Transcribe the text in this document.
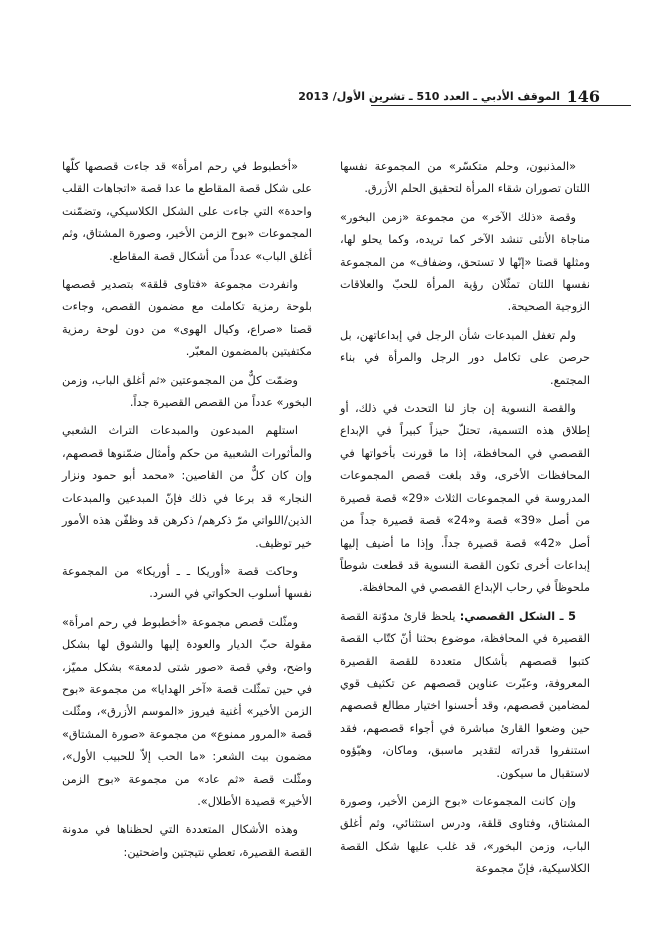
146
الموقف الأدبي ـ العدد 510 ـ تشرين الأول/ 2013

«المذنبون، وحلم متكسّر» من المجموعة نفسها اللتان تصوران شقاء المرأة لتحقيق الحلم الأزرق.

وقصة «ذلك الآخر» من مجموعة «زمن البخور» مناجاة الأنثى تنشد الآخر كما تريده، وكما يحلو لها، ومثلها قصتا «إنّها لا تستحق، وضفاف» من المجموعة نفسها اللتان تمثّلان رؤية المرأة للحبّ والعلاقات الزوجية الصحيحة.

ولم تغفل المبدعات شأن الرجل في إبداعاتهن، بل حرصن على تكامل دور الرجل والمرأة في بناء المجتمع.

والقصة النسوية إن جاز لنا التحدث في ذلك، أو إطلاق هذه التسمية، تحتلّ حيزاً كبيراً في الإبداع القصصي في المحافظة، إذا ما قورنت بأخواتها في المحافظات الأخرى، وقد بلغت قصص المجموعات المدروسة في المجموعات الثلاث «29» قصة قصيرة من أصل «39» قصة و«24» قصة قصيرة جداً من أصل «42» قصة قصيرة جداً. وإذا ما أضيف إليها إبداعات أخرى تكون القصة النسوية قد قطعت شوطاً ملحوظاً في رحاب الإبداع القصصي في المحافظة.

5 ـ الشكل القصصي: يلحظ قارئ مدوّنة القصة القصيرة في المحافظة، موضوع بحثنا أنّ كتّاب القصة كتبوا قصصهم بأشكال متعددة للقصة القصيرة المعروفة، وعبّرت عناوين قصصهم عن تكثيف قوي لمضامين قصصهم، وقد أحسنوا اختيار مطالع قصصهم حين وضعوا القارئ مباشرة في أجواء قصصهم، فقد استنفروا قدراته لتقدير ماسبق، وماكان، وهيّؤوه لاستقبال ما سيكون.

وإن كانت المجموعات «بوح الزمن الأخير، وصورة المشتاق، وفتاوى قلقة، ودرس استثنائي، وثم أغلق الباب، وزمن البخور»، قد غلب عليها شكل القصة الكلاسيكية، فإنّ مجموعة

«أخطبوط في رحم امرأة» قد جاءت قصصها كلّها على شكل قصة المقاطع ما عدا قصة «اتجاهات القلب واحدة» التي جاءت على الشكل الكلاسيكي، وتضمّنت المجموعات «بوح الزمن الأخير، وصورة المشتاق، وثم أغلق الباب» عدداً من أشكال قصة المقاطع.

وانفردت مجموعة «فتاوى قلقة» بتصدير قصصها بلوحة رمزية تكاملت مع مضمون القصص، وجاءت قصتا «صراع، وكيال الهوى» من دون لوحة رمزية مكتفيتين بالمضمون المعبّر.

وضمّت كلٌّ من المجموعتين «ثم أغلق الباب، وزمن البخور» عدداً من القصص القصيرة جداً.

استلهم المبدعون والمبدعات التراث الشعبي والمأثورات الشعبية من حكم وأمثال ضمّنوها قصصهم، وإن كان كلٌّ من القاصين: «محمد أبو حمود ونزار النجار» قد برعا في ذلك فإنّ المبدعين والمبدعات الذين/اللواتي مرّ ذكرهم/ ذكرهن قد وظفّن هذه الأمور خير توظيف.

وحاكت قصة «أوريكا ـ ـ أوريكا» من المجموعة نفسها أسلوب الحكواتي في السرد.

ومثّلت قصص مجموعة «أخطبوط في رحم امرأة» مقولة حبّ الديار والعودة إليها والشوق لها بشكل واضح، وفي قصة «صور شتى لدمعة» بشكل مميّز، في حين تمثّلت قصة «آخر الهدايا» من مجموعة «بوح الزمن الأخير» أغنية فيروز «الموسم الأزرق»، ومثّلت قصة «المرور ممنوع» من مجموعة «صورة المشتاق» مضمون بيت الشعر: «ما الحب إلاّ للحبيب الأول»، ومثّلت قصة «ثم عاد» من مجموعة «بوح الزمن الأخير» قصيدة الأطلال».

وهذه الأشكال المتعددة التي لحظناها في مدونة القصة القصيرة، تعطي نتيجتين واضحتين:
